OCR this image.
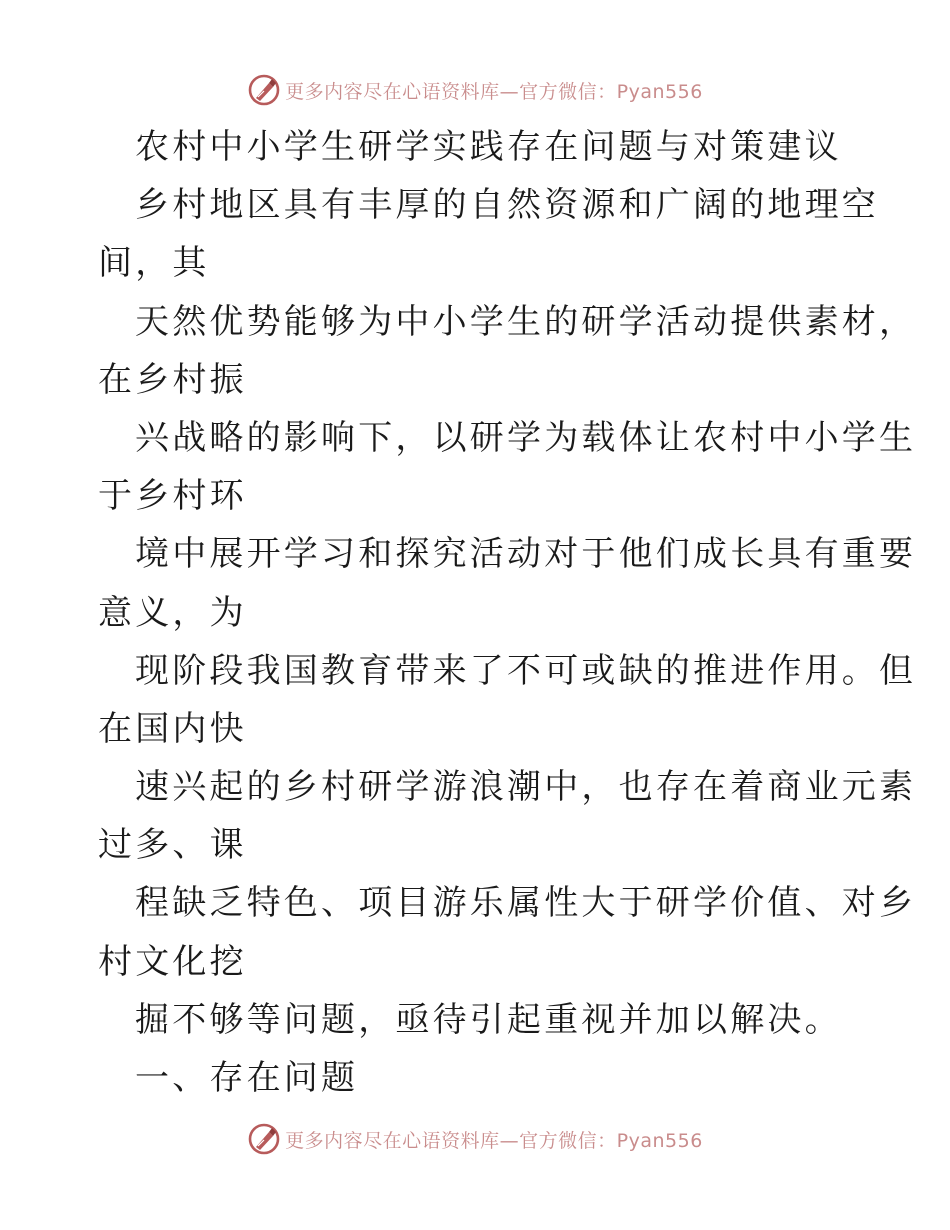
更多内容尽在心语资料库—官方微信：Pyan556
农村中小学生研学实践存在问题与对策建议
乡村地区具有丰厚的自然资源和广阔的地理空
间，其
天然优势能够为中小学生的研学活动提供素材，
在乡村振
兴战略的影响下，以研学为载体让农村中小学生
于乡村环
境中展开学习和探究活动对于他们成长具有重要
意义，为
现阶段我国教育带来了不可或缺的推进作用。但
在国内快
速兴起的乡村研学游浪潮中，也存在着商业元素
过多、课
程缺乏特色、项目游乐属性大于研学价值、对乡
村文化挖
掘不够等问题，亟待引起重视并加以解决。
一、存在问题
更多内容尽在心语资料库—官方微信：Pyan556
